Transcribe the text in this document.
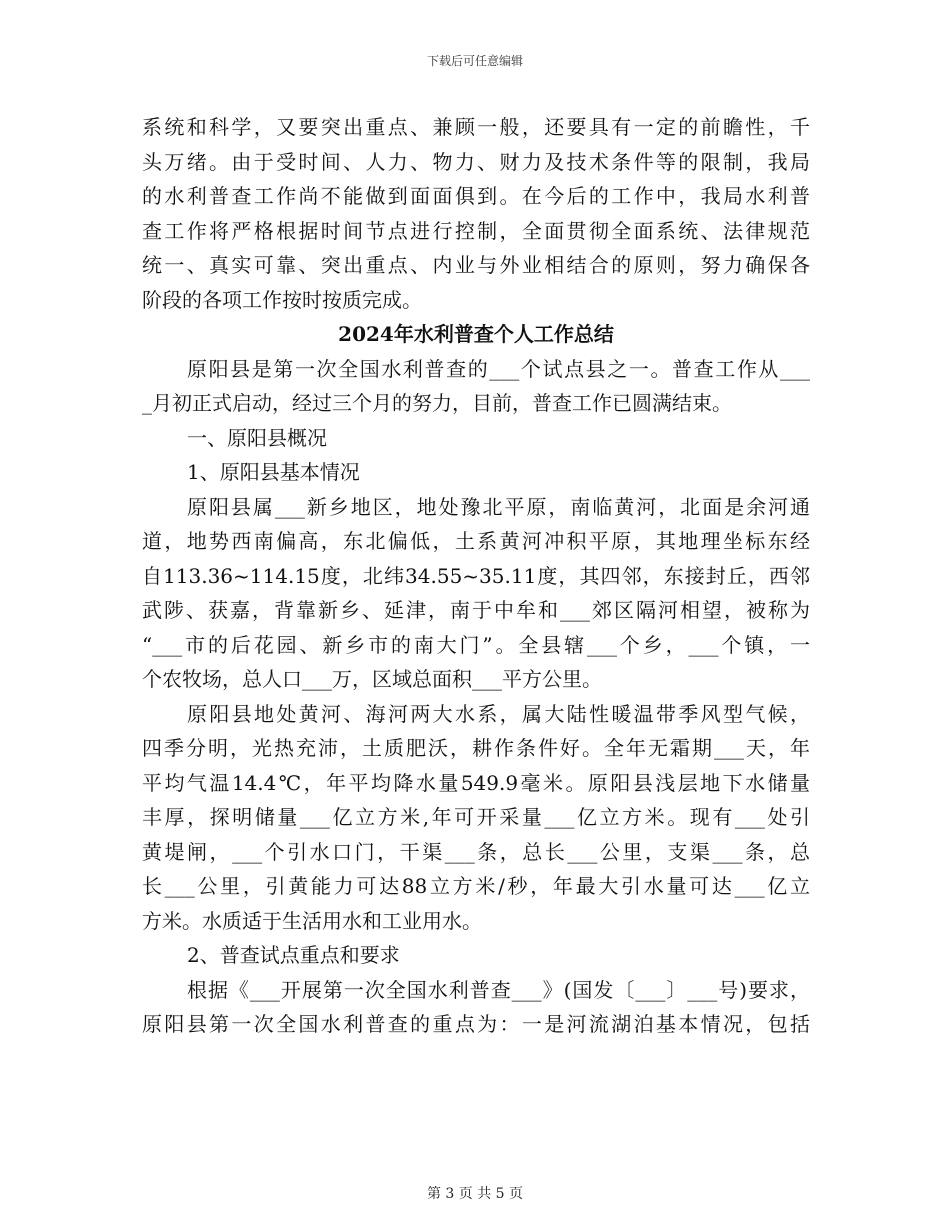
下载后可任意编辑
系统和科学，又要突出重点、兼顾一般，还要具有一定的前瞻性，千
头万绪。由于受时间、人力、物力、财力及技术条件等的限制，我局
的水利普查工作尚不能做到面面俱到。在今后的工作中，我局水利普
查工作将严格根据时间节点进行控制，全面贯彻全面系统、法律规范
统一、真实可靠、突出重点、内业与外业相结合的原则，努力确保各
阶段的各项工作按时按质完成。
2024年水利普查个人工作总结
原阳县是第一次全国水利普查的___个试点县之一。普查工作从___
_月初正式启动，经过三个月的努力，目前，普查工作已圆满结束。
一、原阳县概况
1、原阳县基本情况
原阳县属___新乡地区，地处豫北平原，南临黄河，北面是余河通
道，地势西南偏高，东北偏低，土系黄河冲积平原，其地理坐标东经
自113.36~114.15度，北纬34.55~35.11度，其四邻，东接封丘，西邻
武陟、获嘉，背靠新乡、延津，南于中牟和___郊区隔河相望，被称为
“___市的后花园、新乡市的南大门”。全县辖___个乡，___个镇，一
个农牧场，总人口___万，区域总面积___平方公里。
原阳县地处黄河、海河两大水系，属大陆性暖温带季风型气候，
四季分明，光热充沛，土质肥沃，耕作条件好。全年无霜期___天，年
平均气温14.4℃，年平均降水量549.9毫米。原阳县浅层地下水储量
丰厚，探明储量___亿立方米,年可开采量___亿立方米。现有___处引
黄堤闸，___个引水口门，干渠___条，总长___公里，支渠___条，总
长___公里，引黄能力可达88立方米/秒，年最大引水量可达___亿立
方米。水质适于生活用水和工业用水。
2、普查试点重点和要求
根据《___开展第一次全国水利普查___》(国发〔___〕___号)要求，
原阳县第一次全国水利普查的重点为：一是河流湖泊基本情况，包括
第 3 页 共 5 页
